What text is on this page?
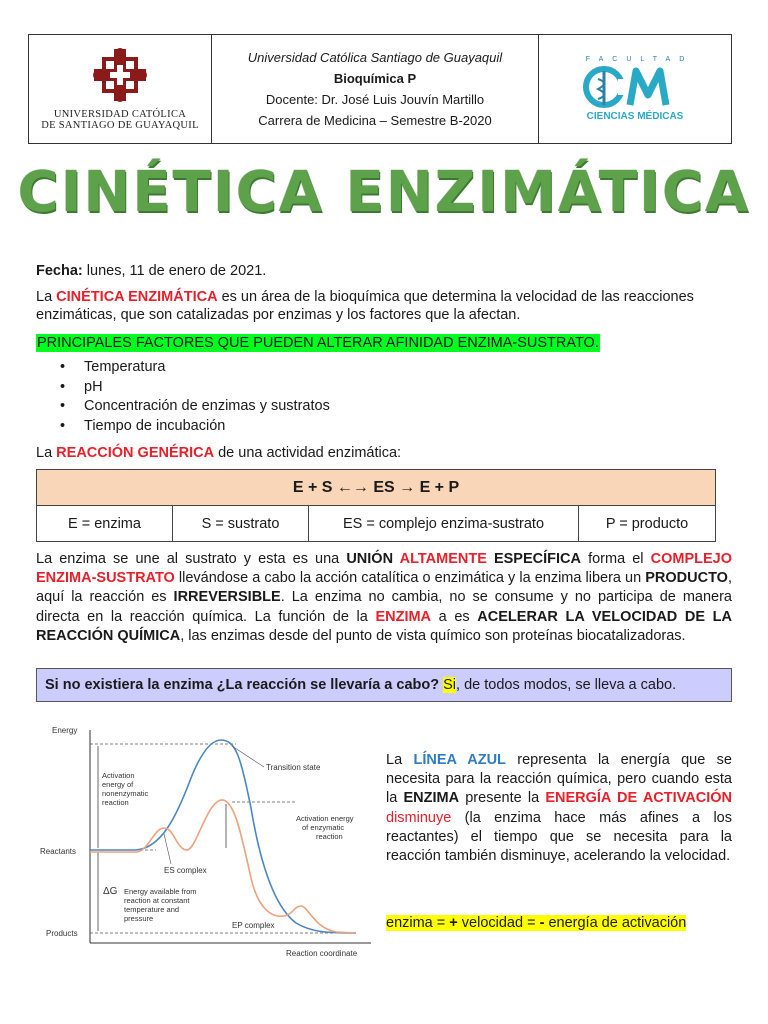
UNIVERSIDAD CATÓLICA
DE SANTIAGO DE GUAYAQUIL
Universidad Católica Santiago de Guayaquil
Bioquímica P
Docente: Dr. José Luis Jouvín Martillo
Carrera de Medicina – Semestre B-2020
FACULTAD
CIENCIAS MÉDICAS
CINÉTICA ENZIMÁTICA
Fecha: lunes, 11 de enero de 2021.
La CINÉTICA ENZIMÁTICA es un área de la bioquímica que determina la velocidad de las reacciones enzimáticas, que son catalizadas por enzimas y los factores que la afectan.
PRINCIPALES FACTORES QUE PUEDEN ALTERAR AFINIDAD ENZIMA-SUSTRATO.
• Temperatura
• pH
• Concentración de enzimas y sustratos
• Tiempo de incubación
La REACCIÓN GENÉRICA de una actividad enzimática:
E + S ←→ ES → E + P
E = enzima	S = sustrato	ES = complejo enzima-sustrato	P = producto
La enzima se une al sustrato y esta es una UNIÓN ALTAMENTE ESPECÍFICA forma el COMPLEJO ENZIMA-SUSTRATO llevándose a cabo la acción catalítica o enzimática y la enzima libera un PRODUCTO, aquí la reacción es IRREVERSIBLE. La enzima no cambia, no se consume y no participa de manera directa en la reacción química. La función de la ENZIMA a es ACELERAR LA VELOCIDAD DE LA REACCIÓN QUÍMICA, las enzimas desde del punto de vista químico son proteínas biocatalizadoras.
Si no existiera la enzima ¿La reacción se llevaría a cabo?
Si , de todos modos, se lleva a cabo.
Energy
Reaction coordinate
Transition state
Activation
energy of
nonenzymatic
reaction
Activation energy
of enzymatic
reaction
Reactants
ES complex
ΔG Energy available from
reaction at constant
temperature and
pressure
EP complex
Products
La LÍNEA AZUL representa la energía que se necesita para la reacción química, pero cuando esta la ENZIMA presente la ENERGÍA DE ACTIVACIÓN disminuye (la enzima hace más afines a los reactantes) el tiempo que se necesita para la reacción también disminuye, acelerando la velocidad.
enzima = + velocidad = - energía de activación
